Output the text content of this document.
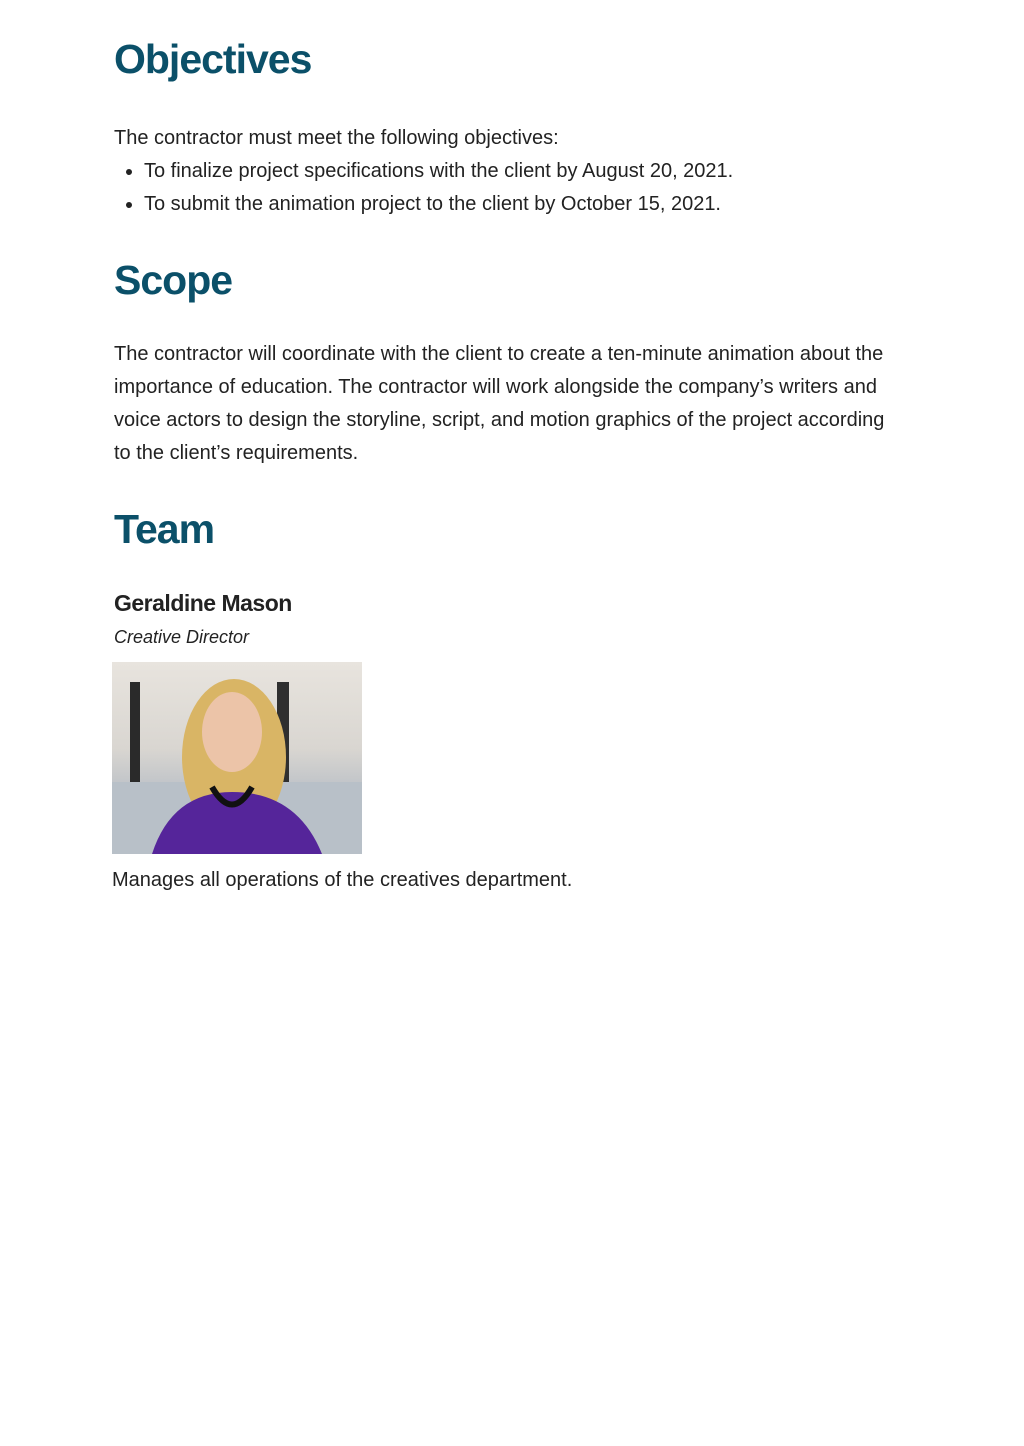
Objectives

The contractor must meet the following objectives:

• To finalize project specifications with the client by August 20, 2021.
• To submit the animation project to the client by October 15, 2021.
Scope

The contractor will coordinate with the client to create a ten-minute animation about the importance of education. The contractor will work alongside the company’s writers and voice actors to design the storyline, script, and motion graphics of the project according to the client’s requirements.

Team
Geraldine Mason
Creative Director

Manages all operations of the creatives department.
